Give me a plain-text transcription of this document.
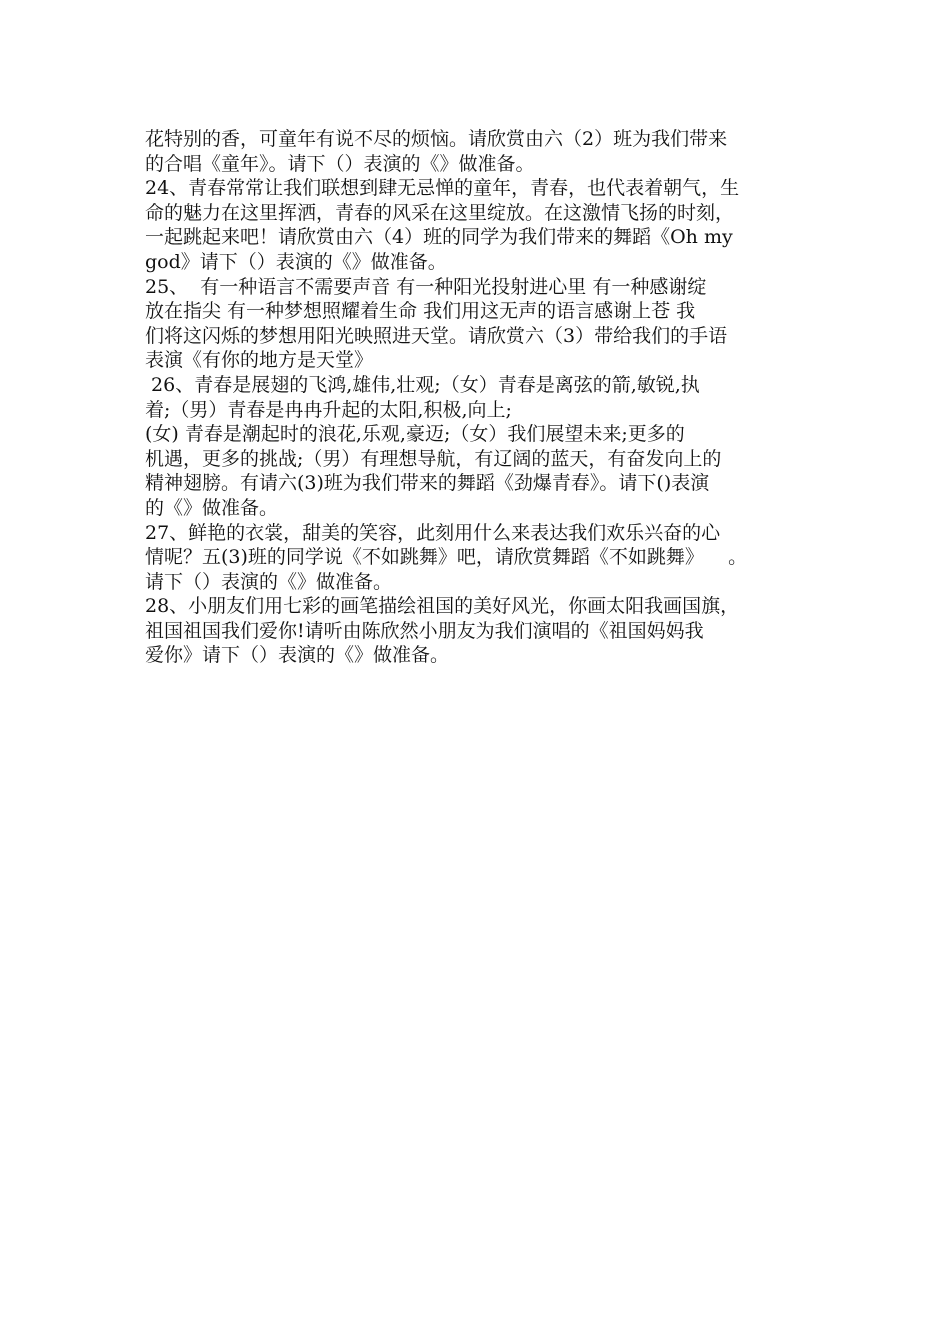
花特别的香，可童年有说不尽的烦恼。请欣赏由六（2）班为我们带来
的合唱《童年》。请下（）表演的《》做准备。
24、青春常常让我们联想到肆无忌惮的童年，青春，也代表着朝气，生
命的魅力在这里挥洒，青春的风采在这里绽放。在这激情飞扬的时刻，
一起跳起来吧！请欣赏由六（4）班的同学为我们带来的舞蹈《Oh my
god》请下（）表演的《》做准备。
25、  有一种语言不需要声音 有一种阳光投射进心里 有一种感谢绽
放在指尖 有一种梦想照耀着生命 我们用这无声的语言感谢上苍 我
们将这闪烁的梦想用阳光映照进天堂。请欣赏六（3）带给我们的手语
表演《有你的地方是天堂》
26、青春是展翅的飞鸿,雄伟,壮观;（女）青春是离弦的箭,敏锐,执
着;（男）青春是冉冉升起的太阳,积极,向上;
(女) 青春是潮起时的浪花,乐观,豪迈;（女）我们展望未来;更多的
机遇，更多的挑战;（男）有理想导航，有辽阔的蓝天，有奋发向上的
精神翅膀。有请六(3)班为我们带来的舞蹈《劲爆青春》。请下()表演
的《》做准备。
27、鲜艳的衣裳，甜美的笑容，此刻用什么来表达我们欢乐兴奋的心
情呢？五(3)班的同学说《不如跳舞》吧，请欣赏舞蹈《不如跳舞》    。
请下（）表演的《》做准备。
28、小朋友们用七彩的画笔描绘祖国的美好风光，你画太阳我画国旗，
祖国祖国我们爱你!请听由陈欣然小朋友为我们演唱的《祖国妈妈我
爱你》请下（）表演的《》做准备。
